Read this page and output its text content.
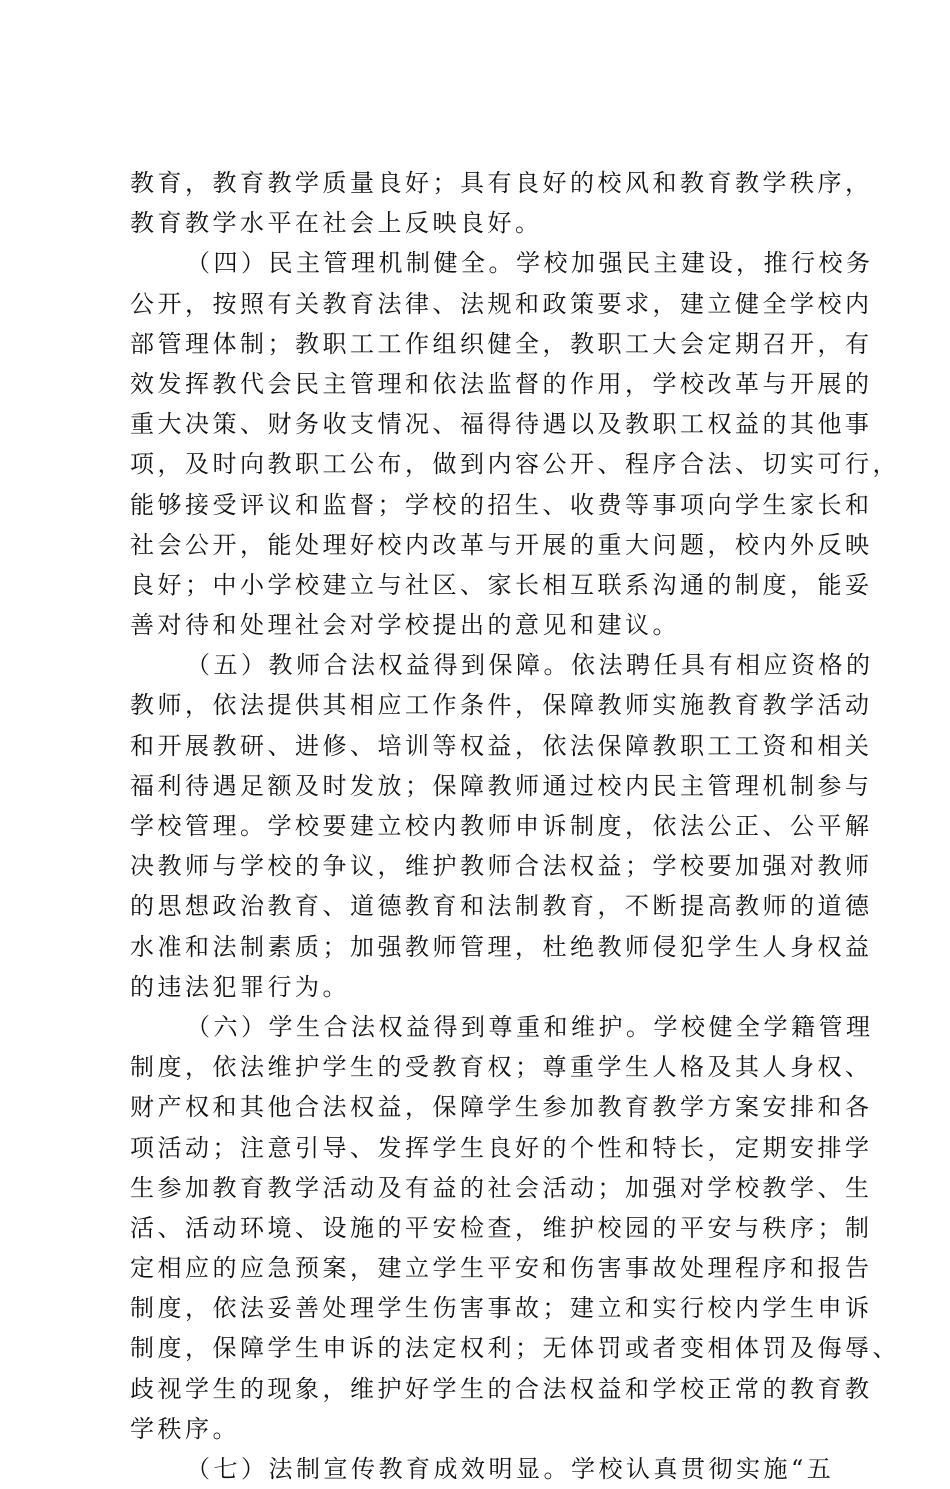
教育，教育教学质量良好；具有良好的校风和教育教学秩序，
教育教学水平在社会上反映良好。
（四）民主管理机制健全。学校加强民主建设，推行校务
公开，按照有关教育法律、法规和政策要求，建立健全学校内
部管理体制；教职工工作组织健全，教职工大会定期召开，有
效发挥教代会民主管理和依法监督的作用，学校改革与开展的
重大决策、财务收支情况、福得待遇以及教职工权益的其他事
项，及时向教职工公布，做到内容公开、程序合法、切实可行，
能够接受评议和监督；学校的招生、收费等事项向学生家长和
社会公开，能处理好校内改革与开展的重大问题，校内外反映
良好；中小学校建立与社区、家长相互联系沟通的制度，能妥
善对待和处理社会对学校提出的意见和建议。
（五）教师合法权益得到保障。依法聘任具有相应资格的
教师，依法提供其相应工作条件，保障教师实施教育教学活动
和开展教研、进修、培训等权益，依法保障教职工工资和相关
福利待遇足额及时发放；保障教师通过校内民主管理机制参与
学校管理。学校要建立校内教师申诉制度，依法公正、公平解
决教师与学校的争议，维护教师合法权益；学校要加强对教师
的思想政治教育、道德教育和法制教育，不断提高教师的道德
水准和法制素质；加强教师管理，杜绝教师侵犯学生人身权益
的违法犯罪行为。
（六）学生合法权益得到尊重和维护。学校健全学籍管理
制度，依法维护学生的受教育权；尊重学生人格及其人身权、
财产权和其他合法权益，保障学生参加教育教学方案安排和各
项活动；注意引导、发挥学生良好的个性和特长，定期安排学
生参加教育教学活动及有益的社会活动；加强对学校教学、生
活、活动环境、设施的平安检查，维护校园的平安与秩序；制
定相应的应急预案，建立学生平安和伤害事故处理程序和报告
制度，依法妥善处理学生伤害事故；建立和实行校内学生申诉
制度，保障学生申诉的法定权利；无体罚或者变相体罚及侮辱、
歧视学生的现象，维护好学生的合法权益和学校正常的教育教
学秩序。
（七）法制宣传教育成效明显。学校认真贯彻实施“五
